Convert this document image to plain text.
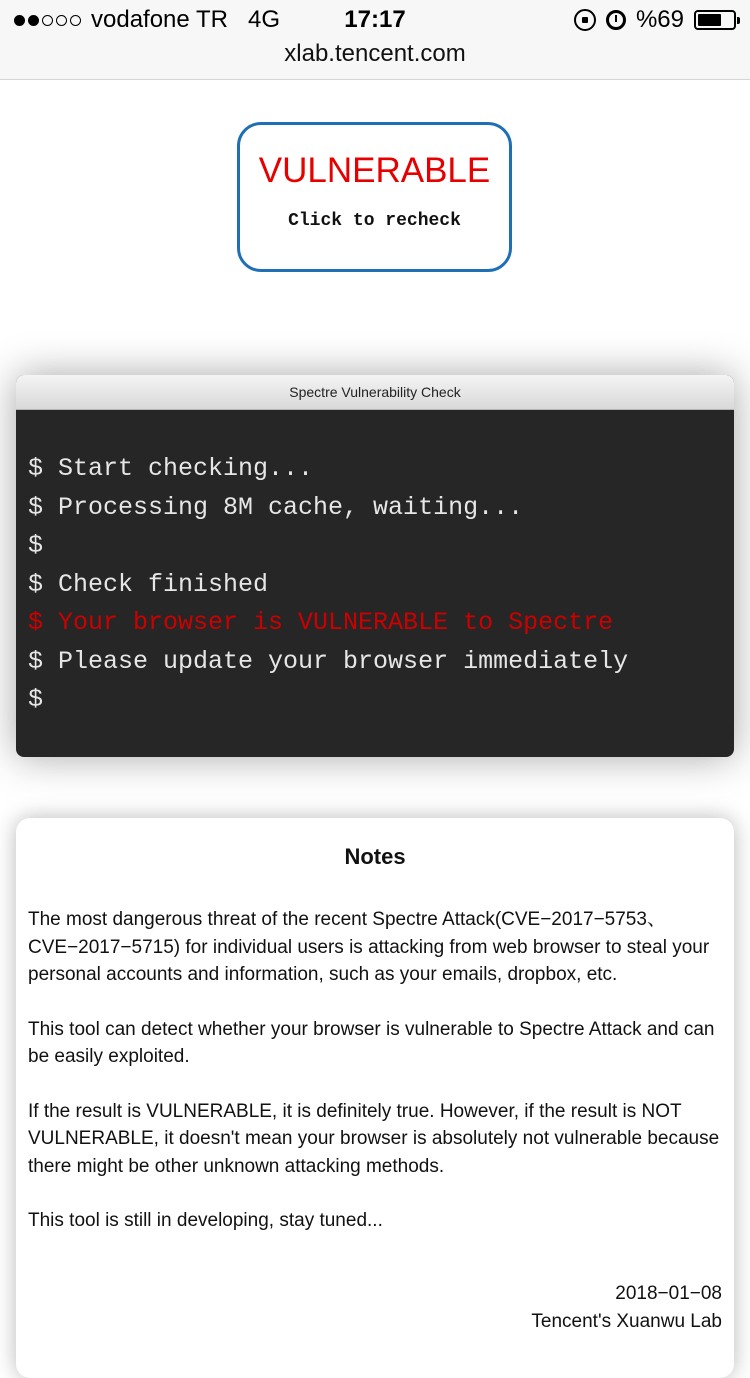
vodafone TR 4G	17:17	%69
xlab.tencent.com
VULNERABLE
Click to recheck
Spectre Vulnerability Check
$ Start checking...
$ Processing 8M cache, waiting...
$
$ Check finished
$ Your browser is VULNERABLE to Spectre
$ Please update your browser immediately
$
Notes

The most dangerous threat of the recent Spectre Attack(CVE−2017−5753、CVE−2017−5715) for individual users is attacking from web browser to steal your personal accounts and information, such as your emails, dropbox, etc.

This tool can detect whether your browser is vulnerable to Spectre Attack and can be easily exploited.

If the result is VULNERABLE, it is definitely true. However, if the result is NOT VULNERABLE, it doesn't mean your browser is absolutely not vulnerable because there might be other unknown attacking methods.

This tool is still in developing, stay tuned...

2018−01−08
Tencent's Xuanwu Lab
